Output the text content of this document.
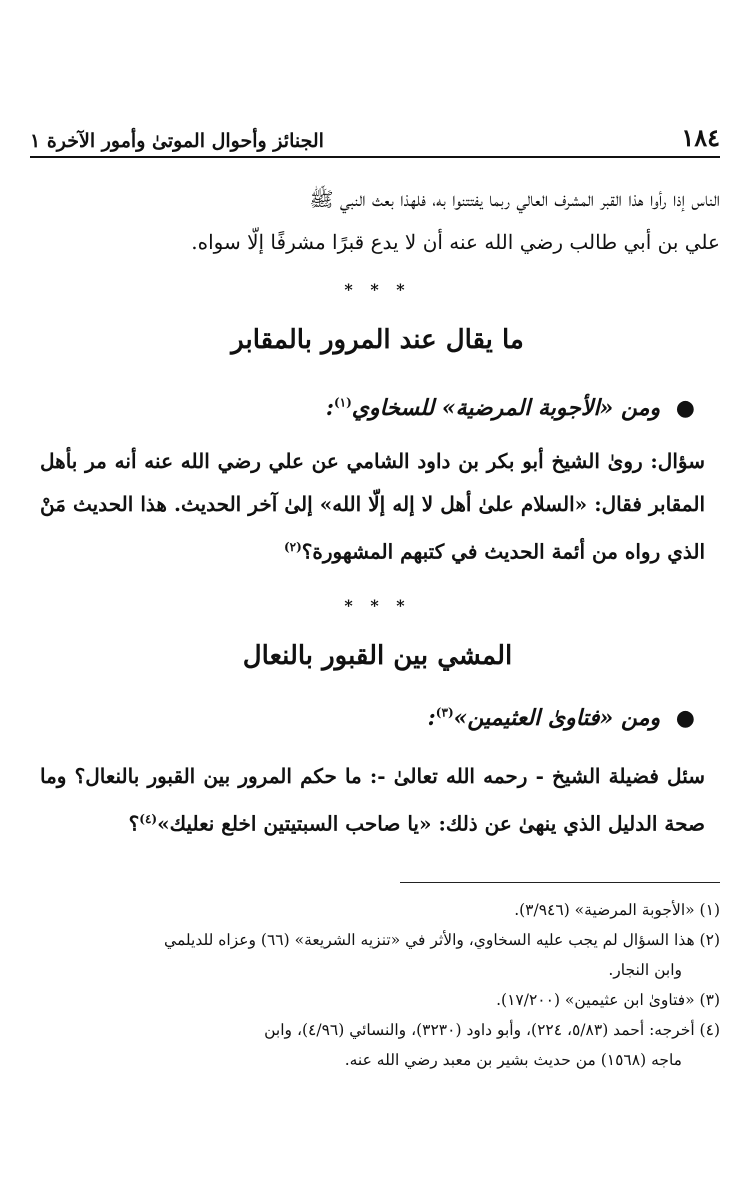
١٨٤
الجنائز وأحوال الموتىٰ وأمور الآخرة ١
الناس إذا رأوا هذا القبر المشرف العالي ربما يفتتنوا به، فلهذا بعث النبي ﷺ
علي بن أبي طالب رضي الله عنه أن لا يدع قبرًا مشرفًا إلّا سواه.
* * *
ما يقال عند المرور بالمقابر
● ومن «الأجوبة المرضية» للسخاوي$^{(١)}$:
سؤال: روىٰ الشيخ أبو بكر بن داود الشامي عن علي رضي الله عنه أنه مر بأهل المقابر فقال: «السلام علىٰ أهل لا إله إلّا الله» إلىٰ آخر الحديث. هذا الحديث مَنْ الذي رواه من أئمة الحديث في كتبهم المشهورة؟$^{(٢)}$
* * *
المشي بين القبور بالنعال
● ومن «فتاوىٰ العثيمين»$^{(٣)}$:
سئل فضيلة الشيخ - رحمه الله تعالىٰ -: ما حكم المرور بين القبور بالنعال؟ وما صحة الدليل الذي ينهىٰ عن ذلك: «يا صاحب السبتيتين اخلع نعليك»$^{(٤)}$؟

(١) «الأجوبة المرضية» (٣/٩٤٦).

(٢) هذا السؤال لم يجب عليه السخاوي، والأثر في «تنزيه الشريعة» (٦٦) وعزاه للديلمي

وابن النجار.

(٣) «فتاوىٰ ابن عثيمين» (١٧/٢٠٠).

(٤) أخرجه: أحمد (٥/٨٣، ٢٢٤)، وأبو داود (٣٢٣٠)، والنسائي (٤/٩٦)، وابن

ماجه (١٥٦٨) من حديث بشير بن معبد رضي الله عنه.
